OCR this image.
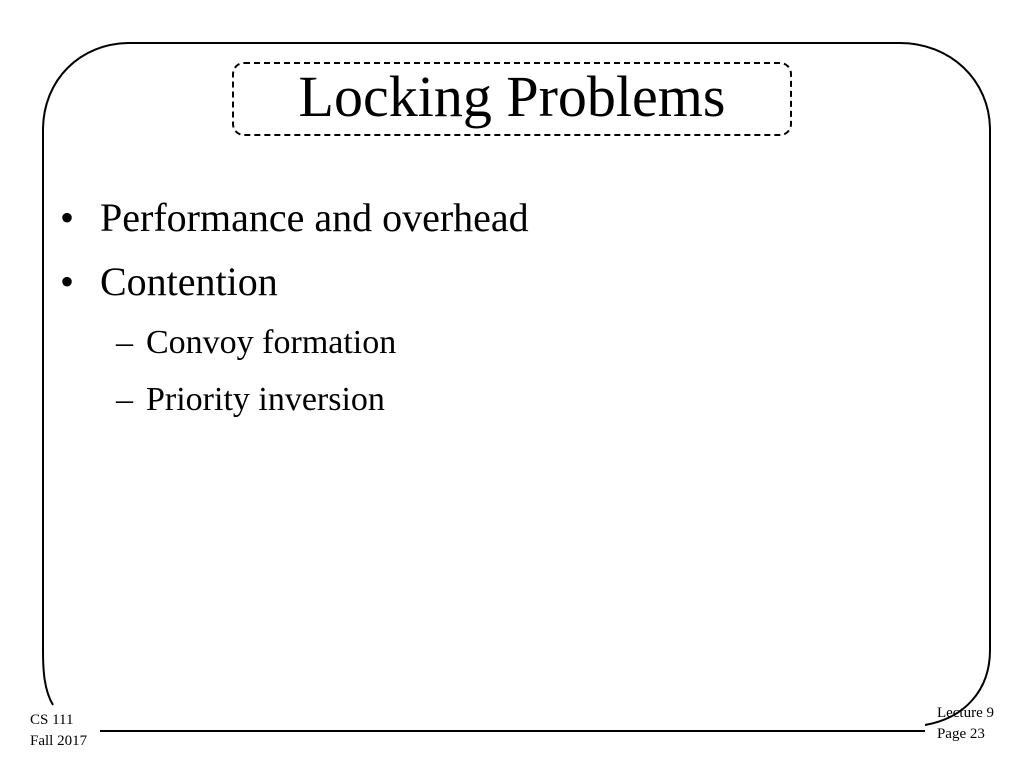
Locking Problems
• Performance and overhead
• Contention
– Convoy formation
– Priority inversion
CS 111
Fall 2017
Lecture 9
Page 23
